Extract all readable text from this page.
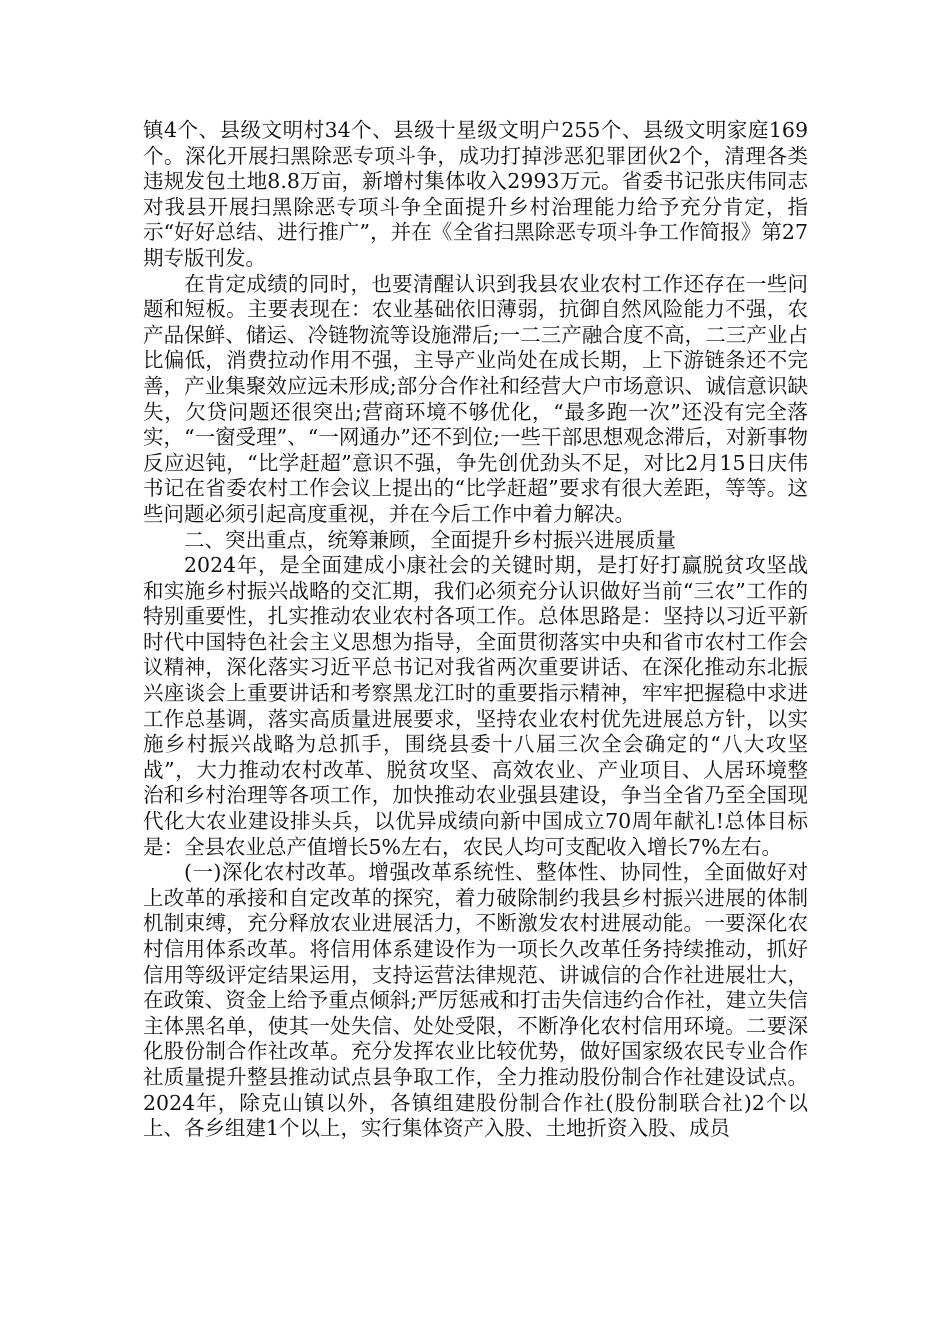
镇4个、县级文明村34个、县级十星级文明户255个、县级文明家庭169个。深化开展扫黑除恶专项斗争，成功打掉涉恶犯罪团伙2个，清理各类违规发包土地8.8万亩，新增村集体收入2993万元。省委书记张庆伟同志对我县开展扫黑除恶专项斗争全面提升乡村治理能力给予充分肯定，指示“好好总结、进行推广”，并在《全省扫黑除恶专项斗争工作简报》第27期专版刊发。

在肯定成绩的同时，也要清醒认识到我县农业农村工作还存在一些问题和短板。主要表现在：农业基础依旧薄弱，抗御自然风险能力不强，农产品保鲜、储运、冷链物流等设施滞后;一二三产融合度不高，二三产业占比偏低，消费拉动作用不强，主导产业尚处在成长期，上下游链条还不完善，产业集聚效应远未形成;部分合作社和经营大户市场意识、诚信意识缺失，欠贷问题还很突出;营商环境不够优化，“最多跑一次”还没有完全落实，“一窗受理”、“一网通办”还不到位;一些干部思想观念滞后，对新事物反应迟钝，“比学赶超”意识不强，争先创优劲头不足，对比2月15日庆伟书记在省委农村工作会议上提出的“比学赶超”要求有很大差距，等等。这些问题必须引起高度重视，并在今后工作中着力解决。

二、突出重点，统筹兼顾，全面提升乡村振兴进展质量

2024年，是全面建成小康社会的关键时期，是打好打赢脱贫攻坚战和实施乡村振兴战略的交汇期，我们必须充分认识做好当前“三农”工作的特别重要性，扎实推动农业农村各项工作。总体思路是：坚持以习近平新时代中国特色社会主义思想为指导，全面贯彻落实中央和省市农村工作会议精神，深化落实习近平总书记对我省两次重要讲话、在深化推动东北振兴座谈会上重要讲话和考察黑龙江时的重要指示精神，牢牢把握稳中求进工作总基调，落实高质量进展要求，坚持农业农村优先进展总方针，以实施乡村振兴战略为总抓手，围绕县委十八届三次全会确定的“八大攻坚战”，大力推动农村改革、脱贫攻坚、高效农业、产业项目、人居环境整治和乡村治理等各项工作，加快推动农业强县建设，争当全省乃至全国现代化大农业建设排头兵，以优异成绩向新中国成立70周年献礼!总体目标是：全县农业总产值增长5%左右，农民人均可支配收入增长7%左右。

(一)深化农村改革。增强改革系统性、整体性、协同性，全面做好对上改革的承接和自定改革的探究，着力破除制约我县乡村振兴进展的体制机制束缚，充分释放农业进展活力，不断激发农村进展动能。一要深化农村信用体系改革。将信用体系建设作为一项长久改革任务持续推动，抓好信用等级评定结果运用，支持运营法律规范、讲诚信的合作社进展壮大，在政策、资金上给予重点倾斜;严厉惩戒和打击失信违约合作社，建立失信主体黑名单，使其一处失信、处处受限，不断净化农村信用环境。二要深化股份制合作社改革。充分发挥农业比较优势，做好国家级农民专业合作社质量提升整县推动试点县争取工作，全力推动股份制合作社建设试点。2024年，除克山镇以外，各镇组建股份制合作社(股份制联合社)2个以上、各乡组建1个以上，实行集体资产入股、土地折资入股、成员
